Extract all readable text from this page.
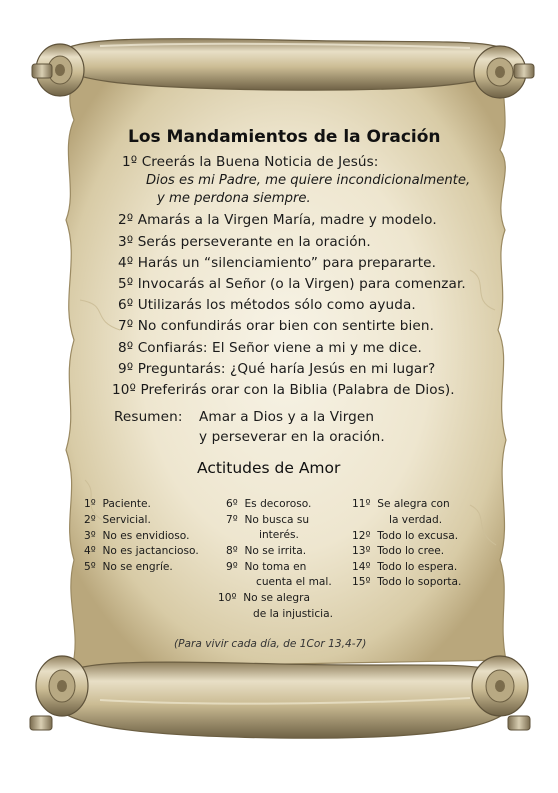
Los Mandamientos de la Oración
1º Creerás la Buena Noticia de Jesús:
Dios es mi Padre, me quiere incondicionalmente,
y me perdona siempre.
2º Amarás a la Virgen María, madre y modelo.
3º Serás perseverante en la oración.
4º Harás un “silenciamiento” para prepararte.
5º Invocarás al Señor (o la Virgen) para comenzar.
6º Utilizarás los métodos sólo como ayuda.
7º No confundirás orar bien con sentirte bien.
8º Confiarás: El Señor viene a mi y me dice.
9º Preguntarás: ¿Qué haría Jesús en mi lugar?
10º Preferirás orar con la Biblia (Palabra de Dios).
Resumen: Amar a Dios y a la Virgen
y perseverar en la oración.
Actitudes de Amor
1º Paciente.
2º Servicial.
3º No es envidioso.
4º No es jactancioso.
5º No se engríe.
6º Es decoroso.
7º No busca su
interés.
8º No se irrita.
9º No toma en
cuenta el mal.
10º No se alegra
de la injusticia.
11º Se alegra con
la verdad.
12º Todo lo excusa.
13º Todo lo cree.
14º Todo lo espera.
15º Todo lo soporta.
(Para vivir cada día, de 1Cor 13,4-7)
